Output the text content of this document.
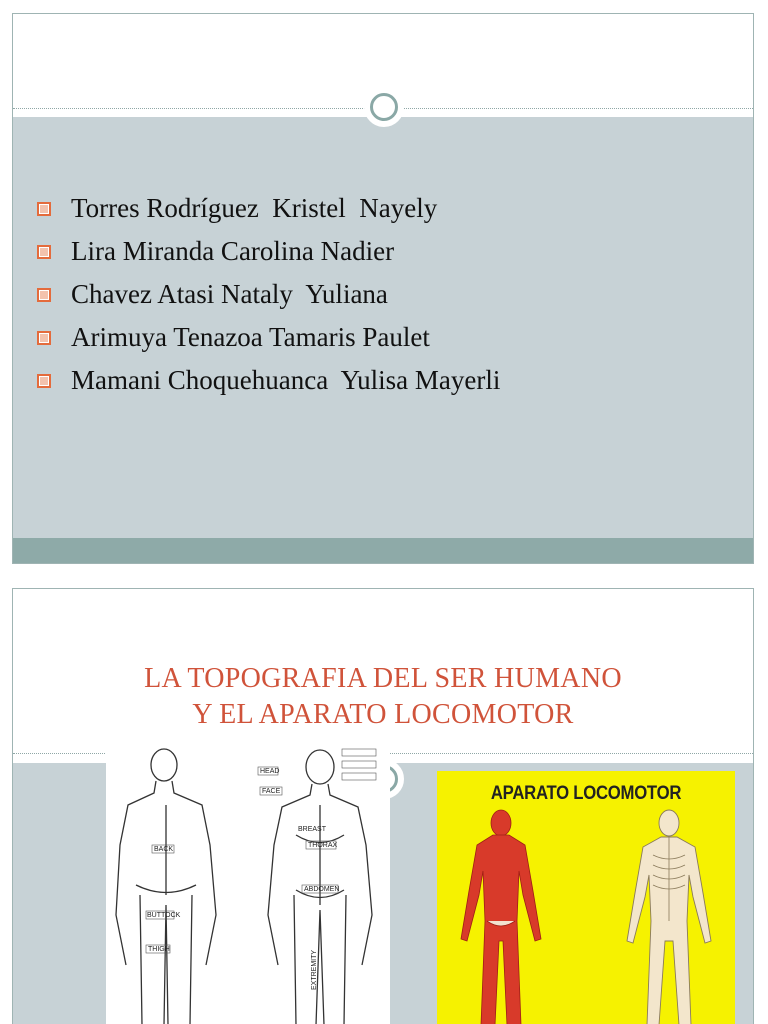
Torres Rodríguez  Kristel  Nayely
Lira Miranda Carolina Nadier
Chavez Atasi Nataly  Yuliana
Arimuya Tenazoa Tamaris Paulet
Mamani Choquehuanca  Yulisa Mayerli
LA TOPOGRAFIA DEL SER HUMANO
Y EL APARATO LOCOMOTOR
BACK
BUTTOCK
THIGH
THORAX
ABDOMEN
HEAD
FACE
BREAST
EXTREMITY
APARATO LOCOMOTOR
